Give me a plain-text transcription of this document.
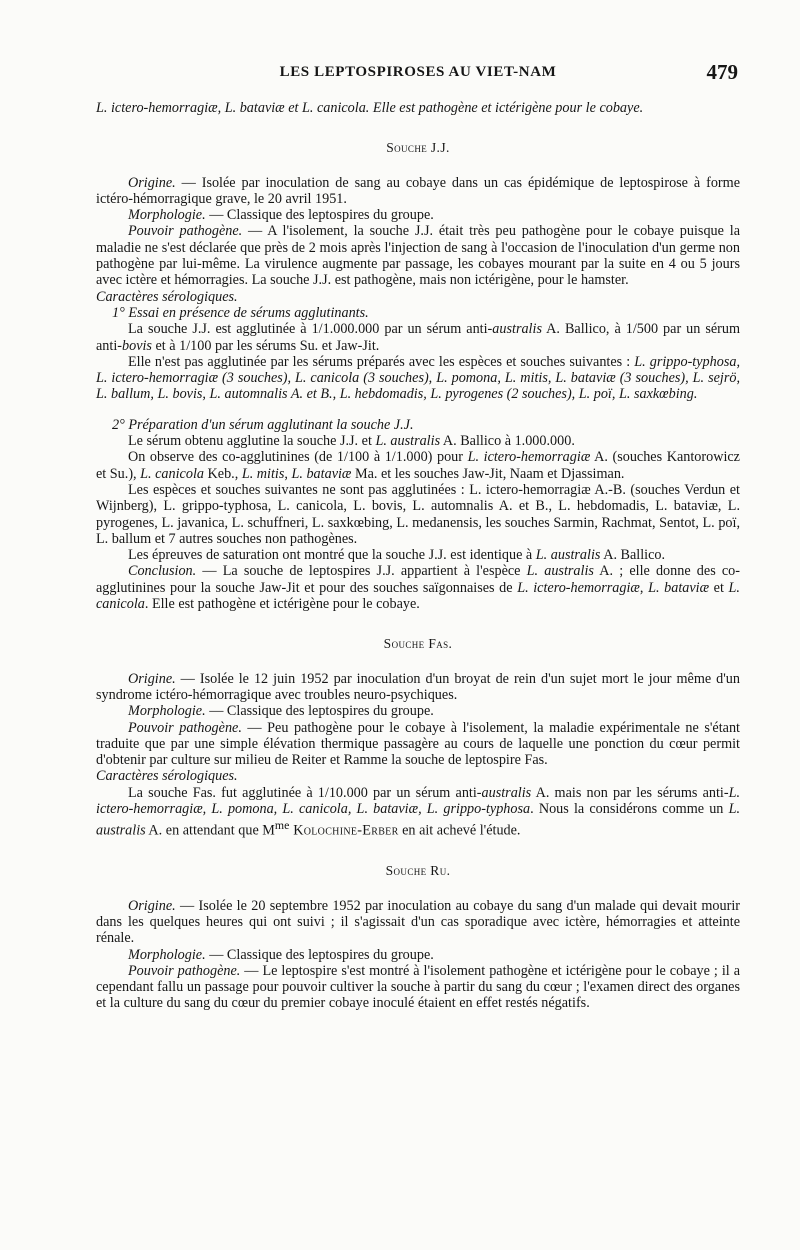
LES LEPTOSPIROSES AU VIET-NAM	479

L. ictero-hemorragiæ, L. bataviæ et L. canicola. Elle est pathogène et ictérigène pour le cobaye.

Souche J.J.

Origine. — Isolée par inoculation de sang au cobaye dans un cas épidémique de leptospirose à forme ictéro-hémorragique grave, le 20 avril 1951.

Morphologie. — Classique des leptospires du groupe.

Pouvoir pathogène. — A l'isolement, la souche J.J. était très peu pathogène pour le cobaye puisque la maladie ne s'est déclarée que près de 2 mois après l'injection de sang à l'occasion de l'inoculation d'un germe non pathogène par lui-même. La virulence augmente par passage, les cobayes mourant par la suite en 4 ou 5 jours avec ictère et hémorragies. La souche J.J. est pathogène, mais non ictérigène, pour le hamster.

Caractères sérologiques.

1° Essai en présence de sérums agglutinants.

La souche J.J. est agglutinée à 1/1.000.000 par un sérum anti-australis A. Ballico, à 1/500 par un sérum anti-bovis et à 1/100 par les sérums Su. et Jaw-Jit.

Elle n'est pas agglutinée par les sérums préparés avec les espèces et souches suivantes : L. grippo-typhosa, L. ictero-hemorragiæ (3 souches), L. canicola (3 souches), L. pomona, L. mitis, L. bataviæ (3 souches), L. sejrö, L. ballum, L. bovis, L. automnalis A. et B., L. hebdomadis, L. pyrogenes (2 souches), L. poï, L. saxkœbing.

2° Préparation d'un sérum agglutinant la souche J.J.

Le sérum obtenu agglutine la souche J.J. et L. australis A. Ballico à 1.000.000.

On observe des co-agglutinines (de 1/100 à 1/1.000) pour L. ictero-hemorragiæ A. (souches Kantorowicz et Su.), L. canicola Keb., L. mitis, L. bataviæ Ma. et les souches Jaw-Jit, Naam et Djassiman.

Les espèces et souches suivantes ne sont pas agglutinées : L. ictero-hemorragiæ A.-B. (souches Verdun et Wijnberg), L. grippo-typhosa, L. canicola, L. bovis, L. automnalis A. et B., L. hebdomadis, L. bataviæ, L. pyrogenes, L. javanica, L. schuffneri, L. saxkœbing, L. medanensis, les souches Sarmin, Rachmat, Sentot, L. poï, L. ballum et 7 autres souches non pathogènes.

Les épreuves de saturation ont montré que la souche J.J. est identique à L. australis A. Ballico.

Conclusion. — La souche de leptospires J.J. appartient à l'espèce L. australis A. ; elle donne des co-agglutinines pour la souche Jaw-Jit et pour des souches saïgonnaises de L. ictero-hemorragiæ, L. bataviæ et L. canicola. Elle est pathogène et ictérigène pour le cobaye.

Souche Fas.

Origine. — Isolée le 12 juin 1952 par inoculation d'un broyat de rein d'un sujet mort le jour même d'un syndrome ictéro-hémorragique avec troubles neuro-psychiques.

Morphologie. — Classique des leptospires du groupe.

Pouvoir pathogène. — Peu pathogène pour le cobaye à l'isolement, la maladie expérimentale ne s'étant traduite que par une simple élévation thermique passagère au cours de laquelle une ponction du cœur permit d'obtenir par culture sur milieu de Reiter et Ramme la souche de leptospire Fas.

Caractères sérologiques.

La souche Fas. fut agglutinée à 1/10.000 par un sérum anti-australis A. mais non par les sérums anti-L. ictero-hemorragiæ, L. pomona, L. canicola, L. bataviæ, L. grippo-typhosa. Nous la considérons comme un L. australis A. en attendant que $M^{me}$ Kolochine-Erber en ait achevé l'étude.

Souche Ru.

Origine. — Isolée le 20 septembre 1952 par inoculation au cobaye du sang d'un malade qui devait mourir dans les quelques heures qui ont suivi ; il s'agissait d'un cas sporadique avec ictère, hémorragies et atteinte rénale.

Morphologie. — Classique des leptospires du groupe.

Pouvoir pathogène. — Le leptospire s'est montré à l'isolement pathogène et ictérigène pour le cobaye ; il a cependant fallu un passage pour pouvoir cultiver la souche à partir du sang du cœur ; l'examen direct des organes et la culture du sang du cœur du premier cobaye inoculé étaient en effet restés négatifs.
